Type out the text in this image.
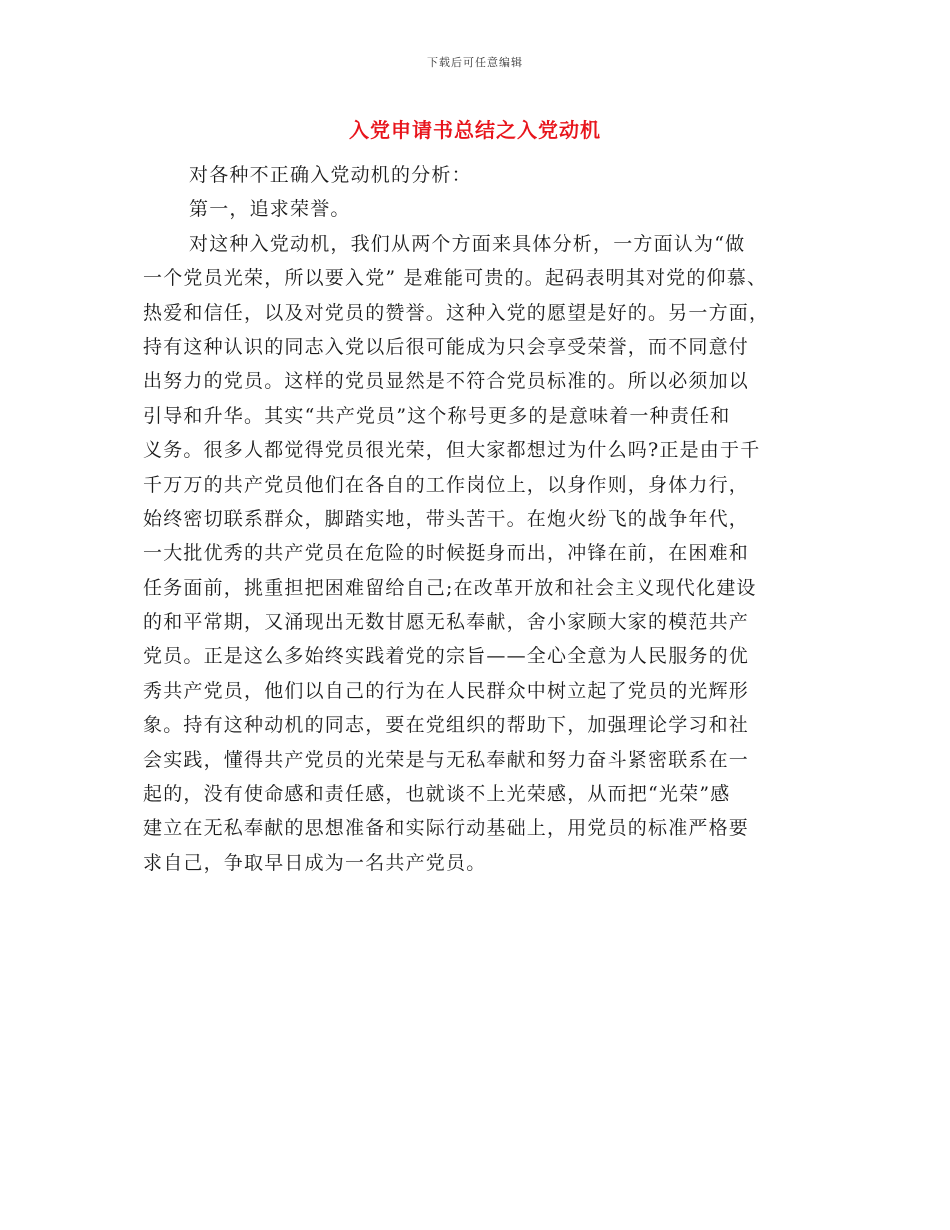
下载后可任意编辑
入党申请书总结之入党动机
对各种不正确入党动机的分析：
第一，追求荣誉。
对这种入党动机，我们从两个方面来具体分析，一方面认为“做
一个党员光荣，所以要入党” 是难能可贵的。起码表明其对党的仰慕、
热爱和信任，以及对党员的赞誉。这种入党的愿望是好的。另一方面，
持有这种认识的同志入党以后很可能成为只会享受荣誉，而不同意付
出努力的党员。这样的党员显然是不符合党员标准的。所以必须加以
引导和升华。其实“共产党员”这个称号更多的是意味着一种责任和
义务。很多人都觉得党员很光荣，但大家都想过为什么吗?正是由于千
千万万的共产党员他们在各自的工作岗位上，以身作则，身体力行，
始终密切联系群众，脚踏实地，带头苦干。在炮火纷飞的战争年代，
一大批优秀的共产党员在危险的时候挺身而出，冲锋在前，在困难和
任务面前，挑重担把困难留给自己;在改革开放和社会主义现代化建设
的和平常期，又涌现出无数甘愿无私奉献，舍小家顾大家的模范共产
党员。正是这么多始终实践着党的宗旨——全心全意为人民服务的优
秀共产党员，他们以自己的行为在人民群众中树立起了党员的光辉形
象。持有这种动机的同志，要在党组织的帮助下，加强理论学习和社
会实践，懂得共产党员的光荣是与无私奉献和努力奋斗紧密联系在一
起的，没有使命感和责任感，也就谈不上光荣感，从而把“光荣”感
建立在无私奉献的思想准备和实际行动基础上，用党员的标准严格要
求自己，争取早日成为一名共产党员。
